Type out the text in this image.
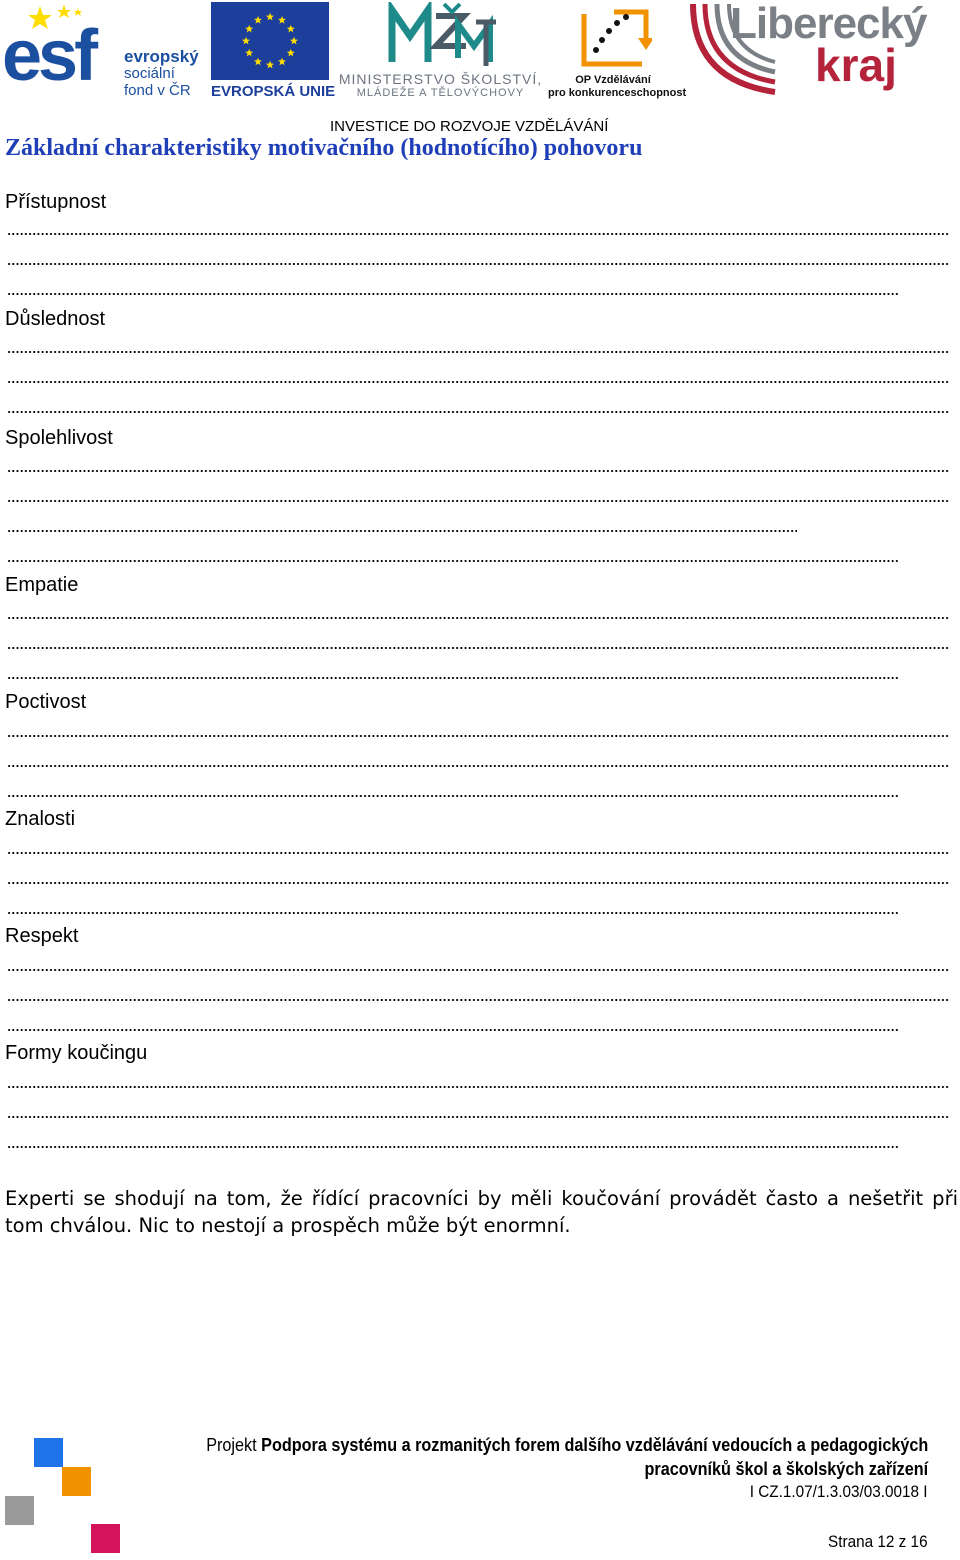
esf evropský
sociální
fond v ČR	EVROPSKÁ UNIE
MINISTERSTVO ŠKOLSTVÍ,
MLÁDEŽE A TĚLOVÝCHOVY
OP Vzdělávání
pro konkurenceschopnost
Liberecký
kraj
INVESTICE DO ROZVOJE VZDĚLÁVÁNÍ
Základní charakteristiky motivačního (hodnotícího) pohovoru
Přístupnost
Důslednost
Spolehlivost
Empatie
Poctivost
Znalosti
Respekt
Formy koučingu

Experti se shodují na tom, že řídící pracovníci by měli koučování provádět často a nešetřit při tom chválou. Nic to nestojí a prospěch může být enormní.

Projekt Podpora systému a rozmanitých forem dalšího vzdělávání vedoucích a pedagogických
pracovníků škol a školských zařízení
I CZ.1.07/1.3.03/03.0018 I
Strana 12 z 16
